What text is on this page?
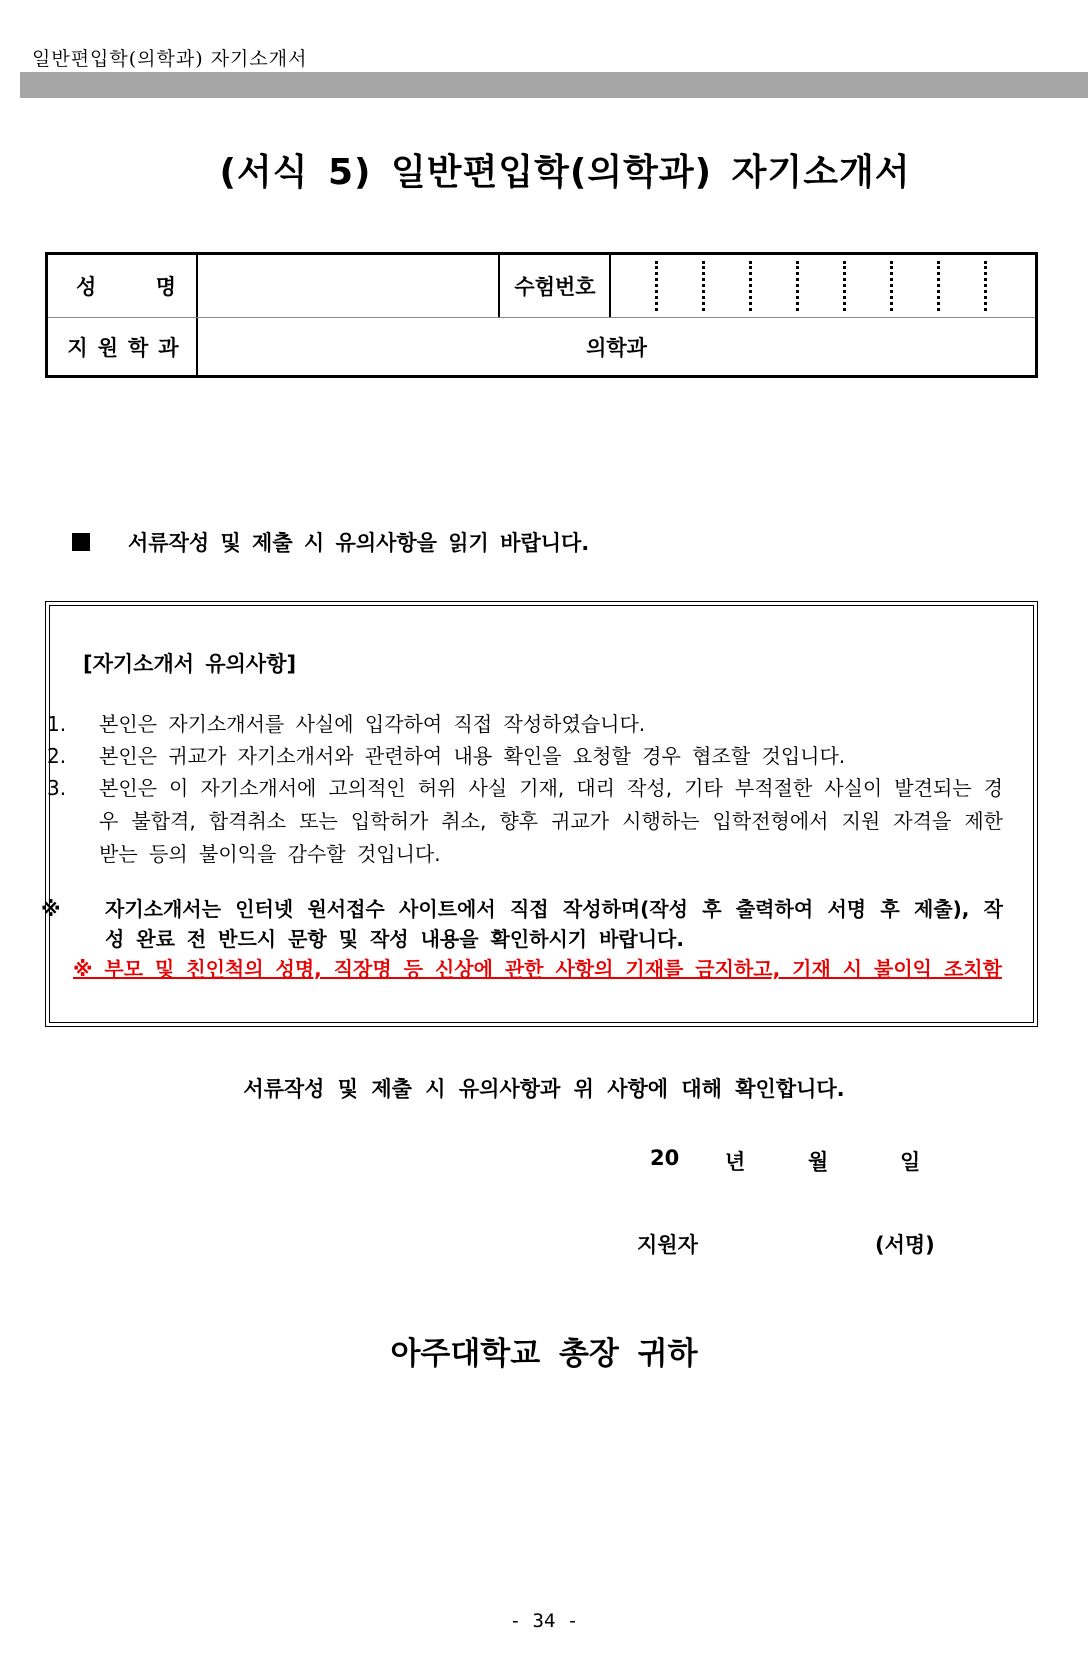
일반편입학(의학과) 자기소개서
(서식 5) 일반편입학(의학과) 자기소개서
성	명	수험번호
지원학과	의학과
서류작성 및 제출 시 유의사항을 읽기 바랍니다.
[자기소개서 유의사항]
1.	본인은 자기소개서를 사실에 입각하여 직접 작성하였습니다.
2.	본인은 귀교가 자기소개서와 관련하여 내용 확인을 요청할 경우 협조할 것입니다.
3.	본인은 이 자기소개서에 고의적인 허위 사실 기재, 대리 작성, 기타 부적절한 사실이 발견되는 경
우 불합격, 합격취소 또는 입학허가 취소, 향후 귀교가 시행하는 입학전형에서 지원 자격을 제한
받는 등의 불이익을 감수할 것입니다.
※ 자기소개서는 인터넷 원서접수 사이트에서 직접 작성하며(작성 후 출력하여 서명 후 제출), 작
성 완료 전 반드시 문항 및 작성 내용을 확인하시기 바랍니다.
※ 부모 및 친인척의 성명, 직장명 등 신상에 관한 사항의 기재를 금지하고, 기재 시 불이익 조치함
서류작성 및 제출 시 유의사항과 위 사항에 대해 확인합니다.
20 년	월	일
지원자	(서명)
아주대학교 총장 귀하
- 34 -
